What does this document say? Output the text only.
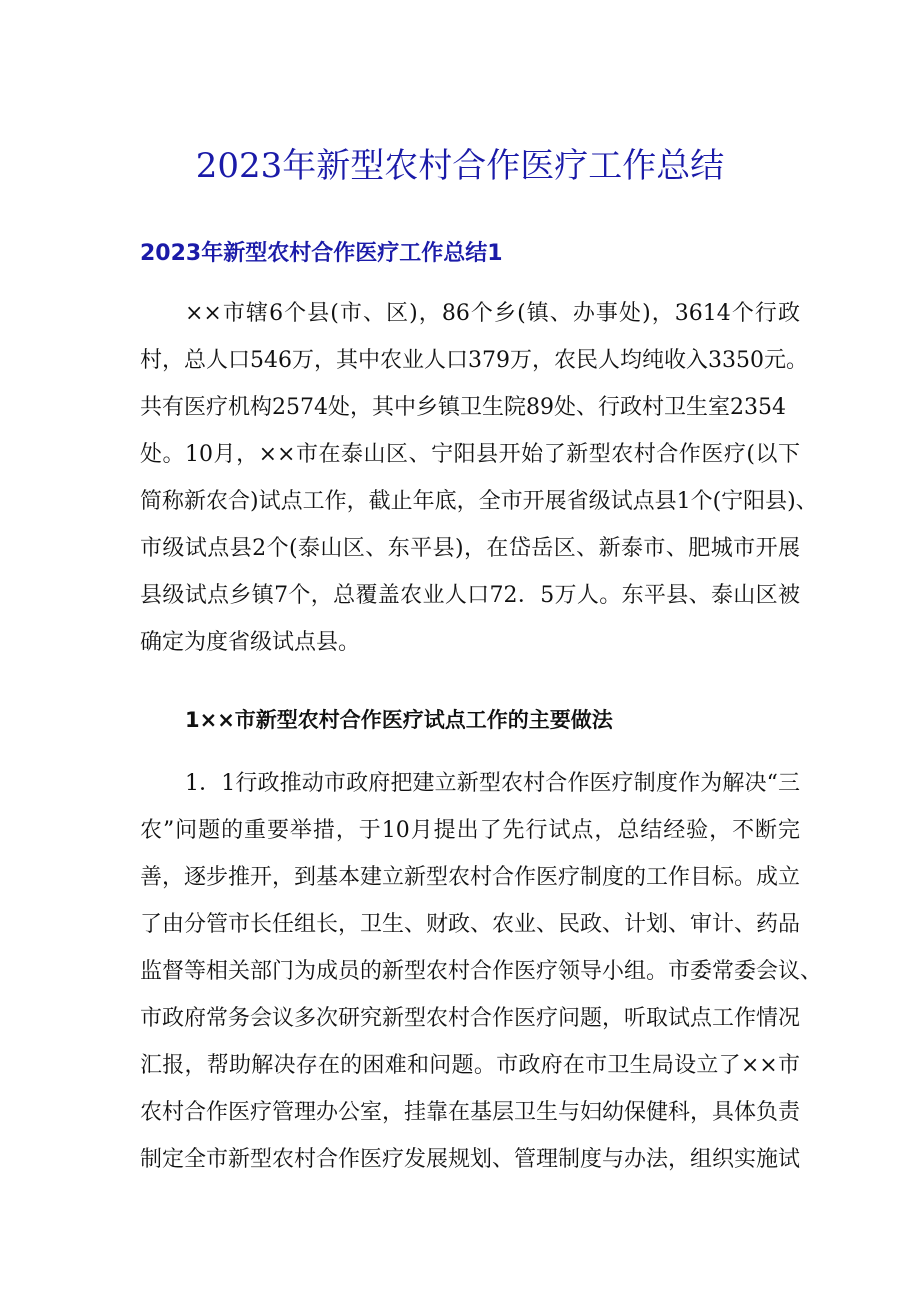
2023年新型农村合作医疗工作总结
2023年新型农村合作医疗工作总结1
××市辖6个县(市、区)，86个乡(镇、办事处)，3614个行政
村，总人口546万，其中农业人口379万，农民人均纯收入3350元。
共有医疗机构2574处，其中乡镇卫生院89处、行政村卫生室2354
处。10月，××市在泰山区、宁阳县开始了新型农村合作医疗(以下
简称新农合)试点工作，截止年底，全市开展省级试点县1个(宁阳县)、
市级试点县2个(泰山区、东平县)，在岱岳区、新泰市、肥城市开展
县级试点乡镇7个，总覆盖农业人口72．5万人。东平县、泰山区被
确定为度省级试点县。
1××市新型农村合作医疗试点工作的主要做法
1．1行政推动市政府把建立新型农村合作医疗制度作为解决“三
农”问题的重要举措，于10月提出了先行试点，总结经验，不断完
善，逐步推开，到基本建立新型农村合作医疗制度的工作目标。成立
了由分管市长任组长，卫生、财政、农业、民政、计划、审计、药品
监督等相关部门为成员的新型农村合作医疗领导小组。市委常委会议、
市政府常务会议多次研究新型农村合作医疗问题，听取试点工作情况
汇报，帮助解决存在的困难和问题。市政府在市卫生局设立了××市
农村合作医疗管理办公室，挂靠在基层卫生与妇幼保健科，具体负责
制定全市新型农村合作医疗发展规划、管理制度与办法，组织实施试
